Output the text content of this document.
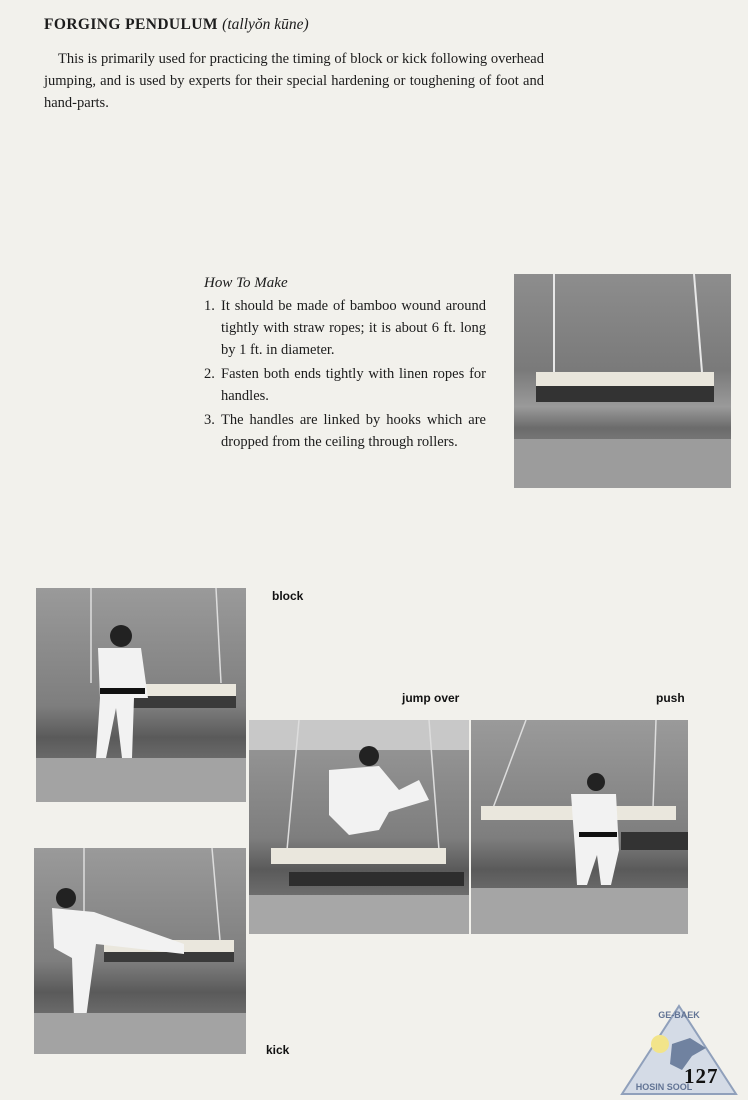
FORGING PENDULUM (tallyŏn kūne)

This is primarily used for practicing the timing of block or kick following overhead jumping, and is used by experts for their special hardening or toughening of foot and hand-parts.

How To Make
1. It should be made of bamboo wound around tightly with straw ropes; it is about 6 ft. long by 1 ft. in diameter.
2. Fasten both ends tightly with linen ropes for handles.
3. The handles are linked by hooks which are dropped from the ceiling through rollers.
block
jump over	push
kick
GE-BAEK
HOSIN SOOL
127
